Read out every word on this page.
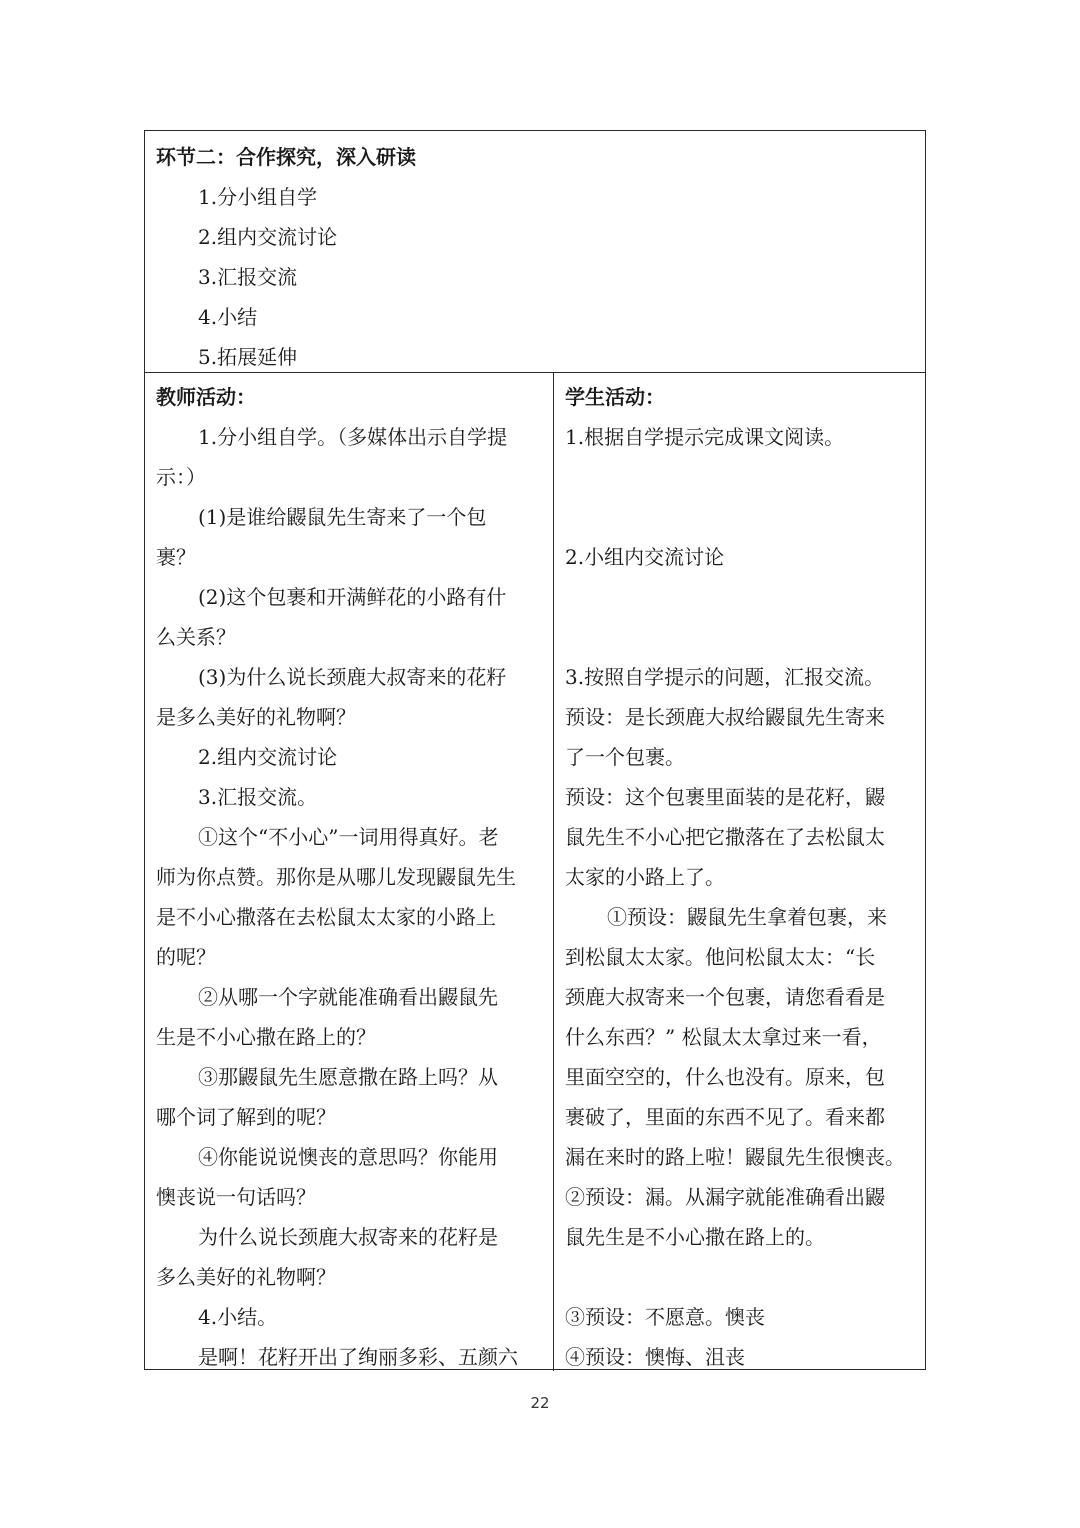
环节二：合作探究，深入研读
1.分小组自学
2.组内交流讨论
3.汇报交流
4.小结
5.拓展延伸
教师活动：
1.分小组自学。（多媒体出示自学提
示：）
(1)是谁给鼹鼠先生寄来了一个包
裹？
(2)这个包裹和开满鲜花的小路有什
么关系？
(3)为什么说长颈鹿大叔寄来的花籽
是多么美好的礼物啊？
2.组内交流讨论
3.汇报交流。
①这个“不小心”一词用得真好。老
师为你点赞。那你是从哪儿发现鼹鼠先生
是不小心撒落在去松鼠太太家的小路上
的呢？
②从哪一个字就能准确看出鼹鼠先
生是不小心撒在路上的？
③那鼹鼠先生愿意撒在路上吗？从
哪个词了解到的呢？
④你能说说懊丧的意思吗？你能用
懊丧说一句话吗？
为什么说长颈鹿大叔寄来的花籽是
多么美好的礼物啊？
4.小结。
是啊！花籽开出了绚丽多彩、五颜六
学生活动：
1.根据自学提示完成课文阅读。
2.小组内交流讨论
3.按照自学提示的问题，汇报交流。
预设：是长颈鹿大叔给鼹鼠先生寄来
了一个包裹。
预设：这个包裹里面装的是花籽，鼹
鼠先生不小心把它撒落在了去松鼠太
太家的小路上了。
①预设：鼹鼠先生拿着包裹，来
到松鼠太太家。他问松鼠太太：“长
颈鹿大叔寄来一个包裹，请您看看是
什么东西？” 松鼠太太拿过来一看，
里面空空的，什么也没有。原来，包
裹破了，里面的东西不见了。看来都
漏在来时的路上啦！鼹鼠先生很懊丧。
②预设：漏。从漏字就能准确看出鼹
鼠先生是不小心撒在路上的。
③预设：不愿意。懊丧
④预设：懊悔、沮丧
22
